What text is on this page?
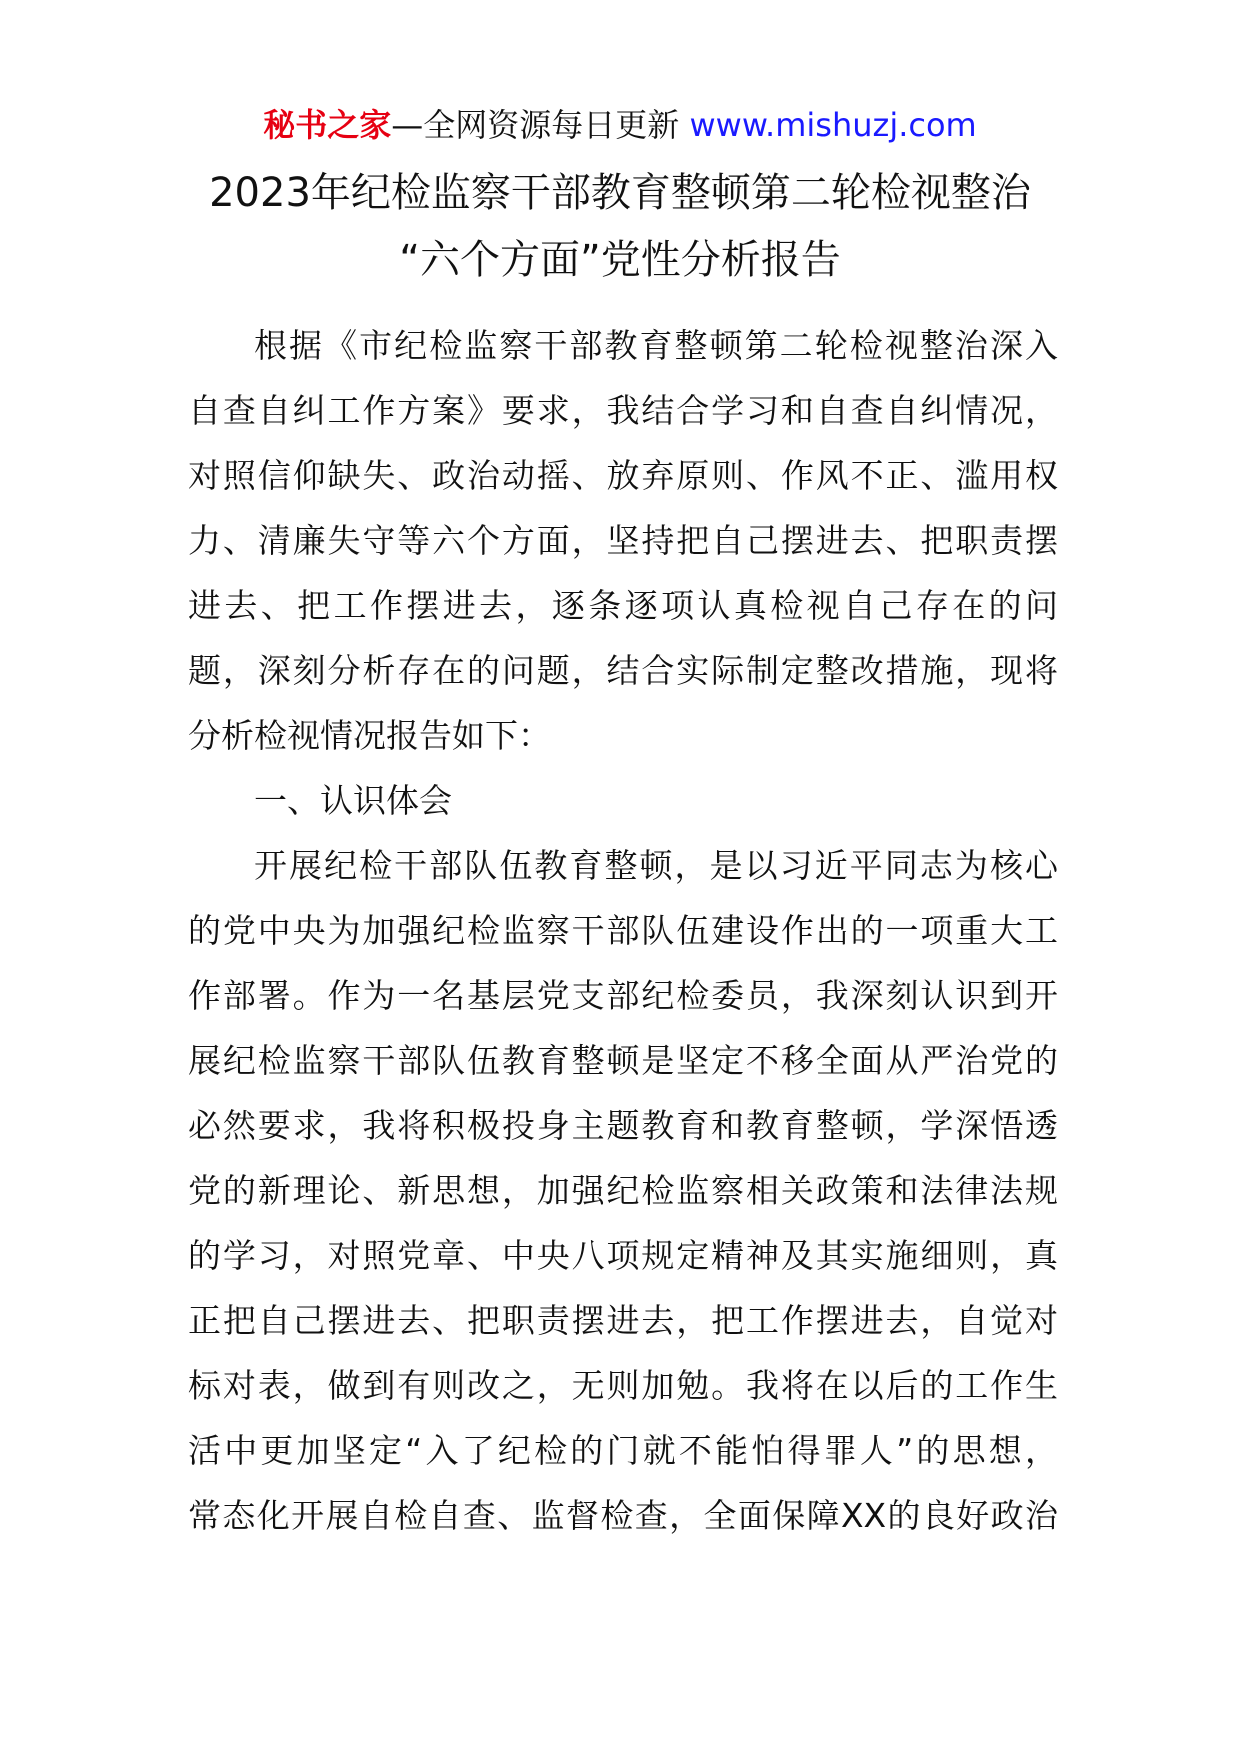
秘书之家—全网资源每日更新 www.mishuzj.com
2023年纪检监察干部教育整顿第二轮检视整治
“六个方面”党性分析报告
根据《市纪检监察干部教育整顿第二轮检视整治深入
自查自纠工作方案》要求，我结合学习和自查自纠情况，
对照信仰缺失、政治动摇、放弃原则、作风不正、滥用权
力、清廉失守等六个方面，坚持把自己摆进去、把职责摆
进去、把工作摆进去，逐条逐项认真检视自己存在的问
题，深刻分析存在的问题，结合实际制定整改措施，现将
分析检视情况报告如下：
一、认识体会
开展纪检干部队伍教育整顿，是以习近平同志为核心
的党中央为加强纪检监察干部队伍建设作出的一项重大工
作部署。作为一名基层党支部纪检委员，我深刻认识到开
展纪检监察干部队伍教育整顿是坚定不移全面从严治党的
必然要求，我将积极投身主题教育和教育整顿，学深悟透
党的新理论、新思想，加强纪检监察相关政策和法律法规
的学习，对照党章、中央八项规定精神及其实施细则，真
正把自己摆进去、把职责摆进去，把工作摆进去，自觉对
标对表，做到有则改之，无则加勉。我将在以后的工作生
活中更加坚定“入了纪检的门就不能怕得罪人”的思想，
常态化开展自检自查、监督检查，全面保障XX的良好政治
